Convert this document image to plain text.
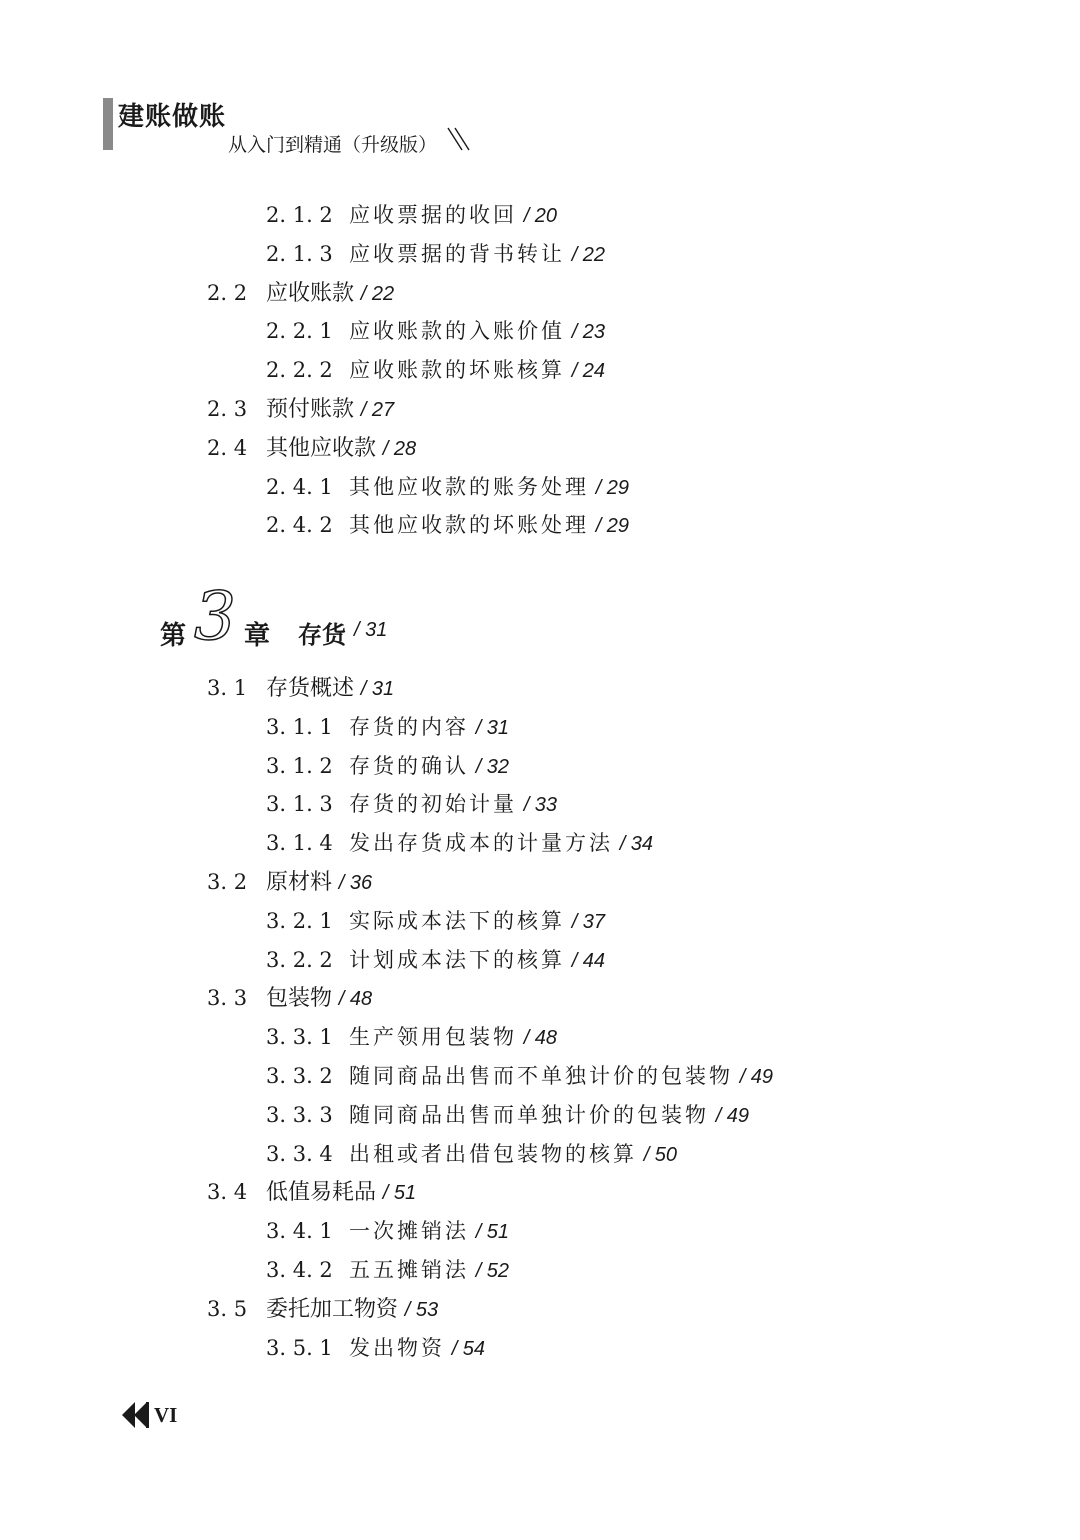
建账做账
从入门到精通（升级版）
2. 1. 2 应收票据的收回 / 20
2. 1. 3 应收票据的背书转让 / 22
2. 2 应收账款 / 22
2. 2. 1 应收账款的入账价值 / 23
2. 2. 2 应收账款的坏账核算 / 24
2. 3 预付账款 / 27
2. 4 其他应收款 / 28
2. 4. 1 其他应收款的账务处理 / 29
2. 4. 2 其他应收款的坏账处理 / 29
第 3 章 存货 / 31
3. 1 存货概述 / 31
3. 1. 1 存货的内容 / 31
3. 1. 2 存货的确认 / 32
3. 1. 3 存货的初始计量 / 33
3. 1. 4 发出存货成本的计量方法 / 34
3. 2 原材料 / 36
3. 2. 1 实际成本法下的核算 / 37
3. 2. 2 计划成本法下的核算 / 44
3. 3 包装物 / 48
3. 3. 1 生产领用包装物 / 48
3. 3. 2 随同商品出售而不单独计价的包装物 / 49
3. 3. 3 随同商品出售而单独计价的包装物 / 49
3. 3. 4 出租或者出借包装物的核算 / 50
3. 4 低值易耗品 / 51
3. 4. 1 一次摊销法 / 51
3. 4. 2 五五摊销法 / 52
3. 5 委托加工物资 / 53
3. 5. 1 发出物资 / 54
VI
